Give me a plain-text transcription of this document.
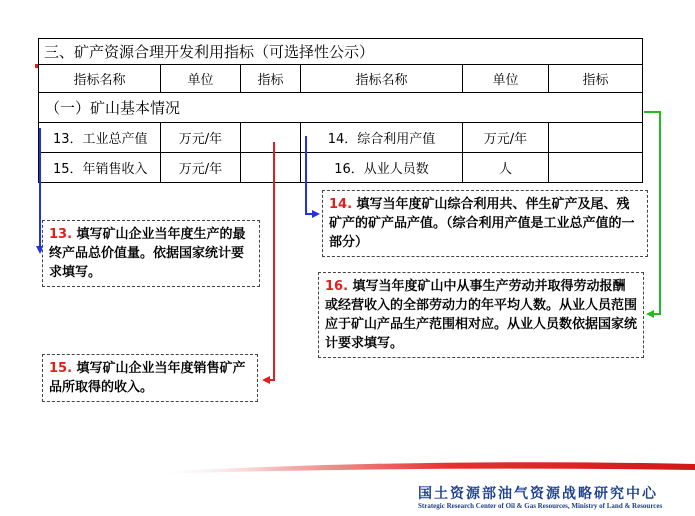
三、矿产资源合理开发利用指标（可选择性公示）					
指标名称	单位	指标	指标名称	单位	指标
（一）矿山基本情况					
13．工业总产值	万元/年		14．综合利用产值	万元/年	
15．年销售收入	万元/年		16．从业人员数	人	
13. 填写矿山企业当年度生产的最终产品总价值量。依据国家统计要求填写。
14. 填写当年度矿山综合利用共、伴生矿产及尾、残矿产的矿产品产值。（综合利用产值是工业总产值的一部分）
15. 填写矿山企业当年度销售矿产品所取得的收入。
16. 填写当年度矿山中从事生产劳动并取得劳动报酬或经营收入的全部劳动力的年平均人数。从业人员范围应于矿山产品生产范围相对应。从业人员数依据国家统计要求填写。
国土资源部油气资源战略研究中心
Strategic Research Center of Oil & Gas Resources, Ministry of Land & Resources
